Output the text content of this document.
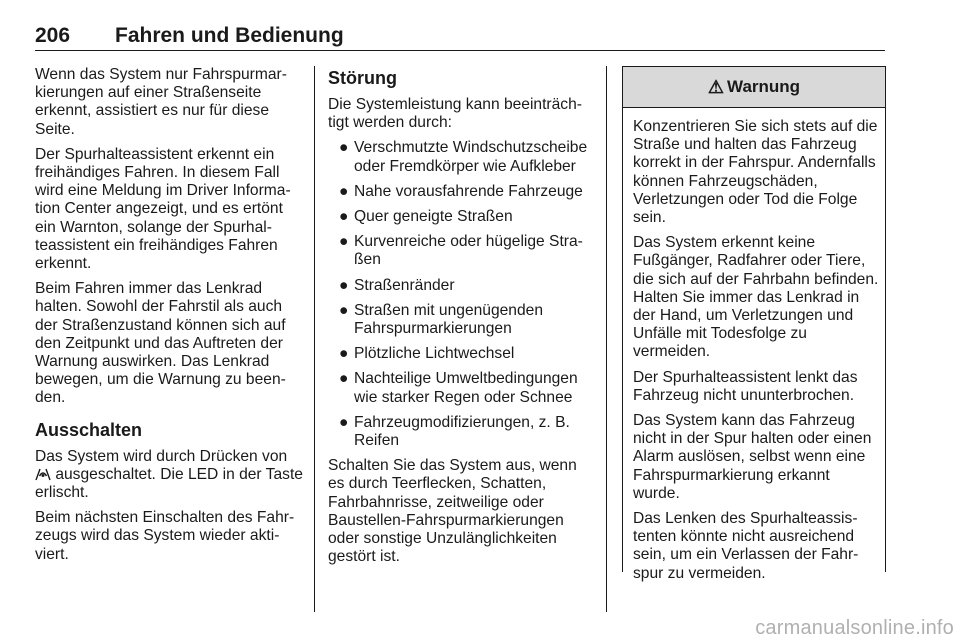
206 Fahren und Bedienung

Wenn das System nur Fahrspurmarkierungen auf einer Straßenseite erkennt, assistiert es nur für diese Seite.

Der Spurhalteassistent erkennt ein freihändiges Fahren. In diesem Fall wird eine Meldung im Driver Information Center angezeigt, und es ertönt ein Warnton, solange der Spurhalteassistent ein freihändiges Fahren erkennt.

Beim Fahren immer das Lenkrad halten. Sowohl der Fahrstil als auch der Straßenzustand können sich auf den Zeitpunkt und das Auftreten der Warnung auswirken. Das Lenkrad bewegen, um die Warnung zu beenden.

Ausschalten

Das System wird durch Drücken von
ausgeschaltet. Die LED in der Taste erlischt.

Beim nächsten Einschalten des Fahrzeugs wird das System wieder aktiviert.

Störung

Die Systemleistung kann beeinträchtigt werden durch:

● Verschmutzte Windschutzscheibe oder Fremdkörper wie Aufkleber
● Nahe vorausfahrende Fahrzeuge
● Quer geneigte Straßen
● Kurvenreiche oder hügelige Straßen
● Straßenränder
● Straßen mit ungenügenden Fahrspurmarkierungen
● Plötzliche Lichtwechsel
● Nachteilige Umweltbedingungen wie starker Regen oder Schnee
● Fahrzeugmodifizierungen, z. B. Reifen

Schalten Sie das System aus, wenn es durch Teerflecken, Schatten, Fahrbahnrisse, zeitweilige oder Baustellen-Fahrspurmarkierungen oder sonstige Unzulänglichkeiten gestört ist.

⚠ Warnung

Konzentrieren Sie sich stets auf die Straße und halten das Fahrzeug korrekt in der Fahrspur. Andernfalls können Fahrzeugschäden, Verletzungen oder Tod die Folge sein.

Das System erkennt keine Fußgänger, Radfahrer oder Tiere, die sich auf der Fahrbahn befinden. Halten Sie immer das Lenkrad in der Hand, um Verletzungen und Unfälle mit Todesfolge zu vermeiden.

Der Spurhalteassistent lenkt das Fahrzeug nicht ununterbrochen.

Das System kann das Fahrzeug nicht in der Spur halten oder einen Alarm auslösen, selbst wenn eine Fahrspurmarkierung erkannt wurde.

Das Lenken des Spurhalteassistenten könnte nicht ausreichend sein, um ein Verlassen der Fahrspur zu vermeiden.

carmanualsonline.info
